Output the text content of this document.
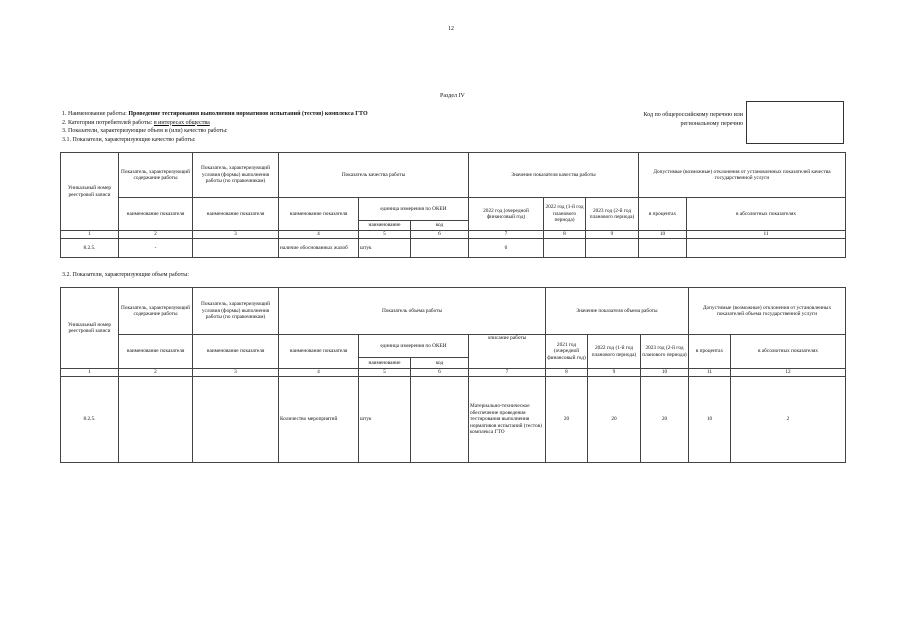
12
Раздел IV
1. Наименование работы: Проведение тестирования выполнения нормативов испытаний (тестов) комплекса ГТО
2. Категории потребителей работы: в интересах общества
3. Показатели, характеризующие объем и (или) качество работы:
3.1. Показатели, характеризующие качество работы:
Код по общероссийскому перечню или региональному перечню
Уникальный номер реестровой записи	Показатель, характеризующий содержание работы	Показатель, характеризующий условия (формы) выполнения работы (по справочникам)	Показатель качества работы			Значение показателя качества работы			Допустимые (возможные) отклонения от установленных показателей качества государственной услуги	
	наименование показателя	наименование показателя	наименование показателя	единица измерения по ОКЕИ		2022 год (очередной финансовый год)	2022 год (1-й год планового периода)	2023 год (2-й год планового периода)	в процентах	в абсолютных показателях
				наименование	код					
1	2	3	4	5	6	7	8	9	10	11
8.2.5.	-		наличие обоснованных жалоб	штук		0				
3.2. Показатели, характеризующие объем работы:
Уникальный номер реестровой записи	Показатель, характеризующий содержание работы	Показатель, характеризующий условия (формы) выполнения работы (по справочникам)	Показатель объема работы				Значение показателя объема работы			Допустимые (возможные) отклонения от установленных показателей объема государственной услуги	
	наименование показателя	наименование показателя	наименование показателя	единица измерения по ОКЕИ		описание работы	2021 год (очередной финансовый год)	2022 год (1-й год планового периода)	2023 год (2-й год планового периода)	в процентах	в абсолютных показателях
				наименование	код						
1	2	3	4	5	6	7	8	9	10	11	12
8.2.5.			Количество мероприятий	штук		Материально-техническое обеспечение проведения тестирования выполнения нормативов испытаний (тестов) комплекса ГТО	20	20	20	10	2
